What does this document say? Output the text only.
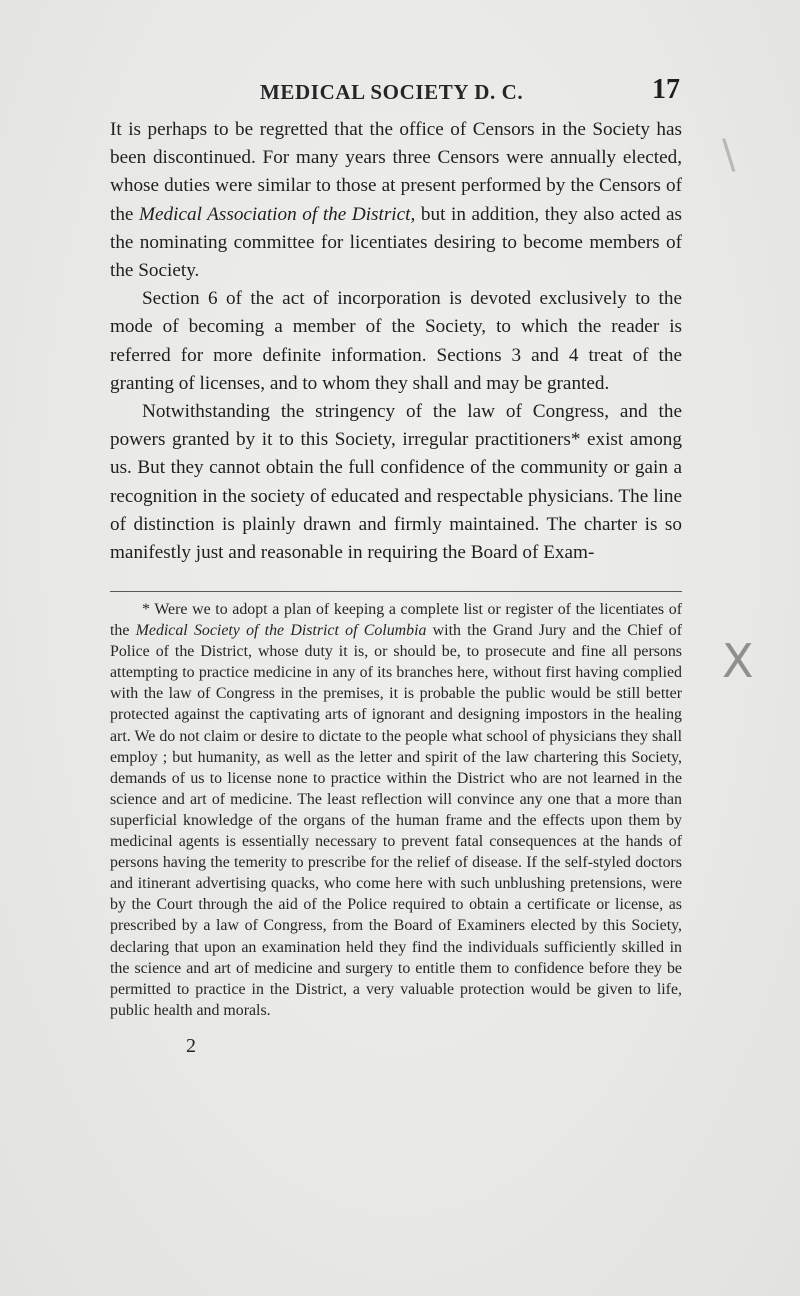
MEDICAL SOCIETY D. C.	17

It is perhaps to be regretted that the office of Censors in the Society has been discontinued. For many years three Censors were annually elected, whose duties were similar to those at present performed by the Censors of the Medical Association of the District, but in addition, they also acted as the nominating committee for licentiates desiring to become members of the Society.

Section 6 of the act of incorporation is devoted exclusively to the mode of becoming a member of the Society, to which the reader is referred for more definite information. Sections 3 and 4 treat of the granting of licenses, and to whom they shall and may be granted.

Notwithstanding the stringency of the law of Congress, and the powers granted by it to this Society, irregular practitioners* exist among us. But they cannot obtain the full confidence of the community or gain a recognition in the society of educated and respectable physicians. The line of distinction is plainly drawn and firmly maintained. The charter is so manifestly just and reasonable in requiring the Board of Exam-

* Were we to adopt a plan of keeping a complete list or register of the licentiates of the Medical Society of the District of Columbia with the Grand Jury and the Chief of Police of the District, whose duty it is, or should be, to prosecute and fine all persons attempting to practice medicine in any of its branches here, without first having complied with the law of Congress in the premises, it is probable the public would be still better protected against the captivating arts of ignorant and designing impostors in the healing art. We do not claim or desire to dictate to the people what school of physicians they shall employ ; but humanity, as well as the letter and spirit of the law chartering this Society, demands of us to license none to practice within the District who are not learned in the science and art of medicine. The least reflection will convince any one that a more than superficial knowledge of the organs of the human frame and the effects upon them by medicinal agents is essentially necessary to prevent fatal consequences at the hands of persons having the temerity to prescribe for the relief of disease. If the self-styled doctors and itinerant advertising quacks, who come here with such unblushing pretensions, were by the Court through the aid of the Police required to obtain a certificate or license, as prescribed by a law of Congress, from the Board of Examiners elected by this Society, declaring that upon an examination held they find the individuals sufficiently skilled in the science and art of medicine and surgery to entitle them to confidence before they be permitted to practice in the District, a very valuable protection would be given to life, public health and morals.

2
\
X
